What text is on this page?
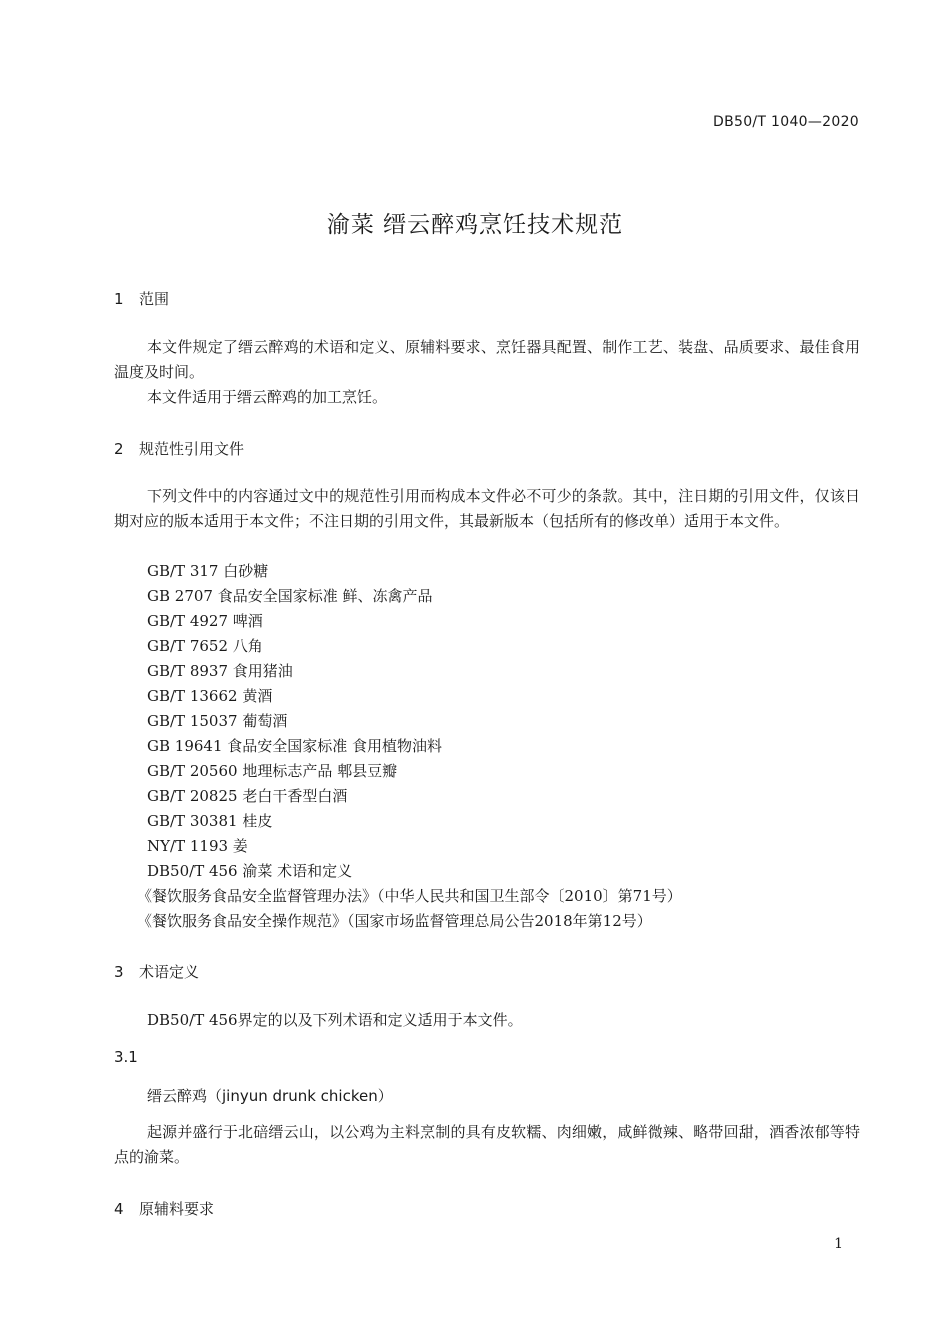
DB50/T 1040—2020
渝菜 缙云醉鸡烹饪技术规范
1 范围

本文件规定了缙云醉鸡的术语和定义、原辅料要求、烹饪器具配置、制作工艺、装盘、品质要求、最佳食用温度及时间。

本文件适用于缙云醉鸡的加工烹饪。

2 规范性引用文件

下列文件中的内容通过文中的规范性引用而构成本文件必不可少的条款。其中，注日期的引用文件，仅该日期对应的版本适用于本文件；不注日期的引用文件，其最新版本（包括所有的修改单）适用于本文件。

GB/T 317 白砂糖
GB 2707 食品安全国家标准 鲜、冻禽产品
GB/T 4927 啤酒
GB/T 7652 八角
GB/T 8937 食用猪油
GB/T 13662 黄酒
GB/T 15037 葡萄酒
GB 19641 食品安全国家标准 食用植物油料
GB/T 20560 地理标志产品 郫县豆瓣
GB/T 20825 老白干香型白酒
GB/T 30381 桂皮
NY/T 1193 姜
DB50/T 456 渝菜 术语和定义
《餐饮服务食品安全监督管理办法》（中华人民共和国卫生部令〔2010〕第71号）
《餐饮服务食品安全操作规范》（国家市场监督管理总局公告2018年第12号）
3 术语定义

DB50/T 456界定的以及下列术语和定义适用于本文件。

3.1
缙云醉鸡（jinyun drunk chicken）

起源并盛行于北碚缙云山，以公鸡为主料烹制的具有皮软糯、肉细嫩，咸鲜微辣、略带回甜，酒香浓郁等特点的渝菜。

4 原辅料要求
1
